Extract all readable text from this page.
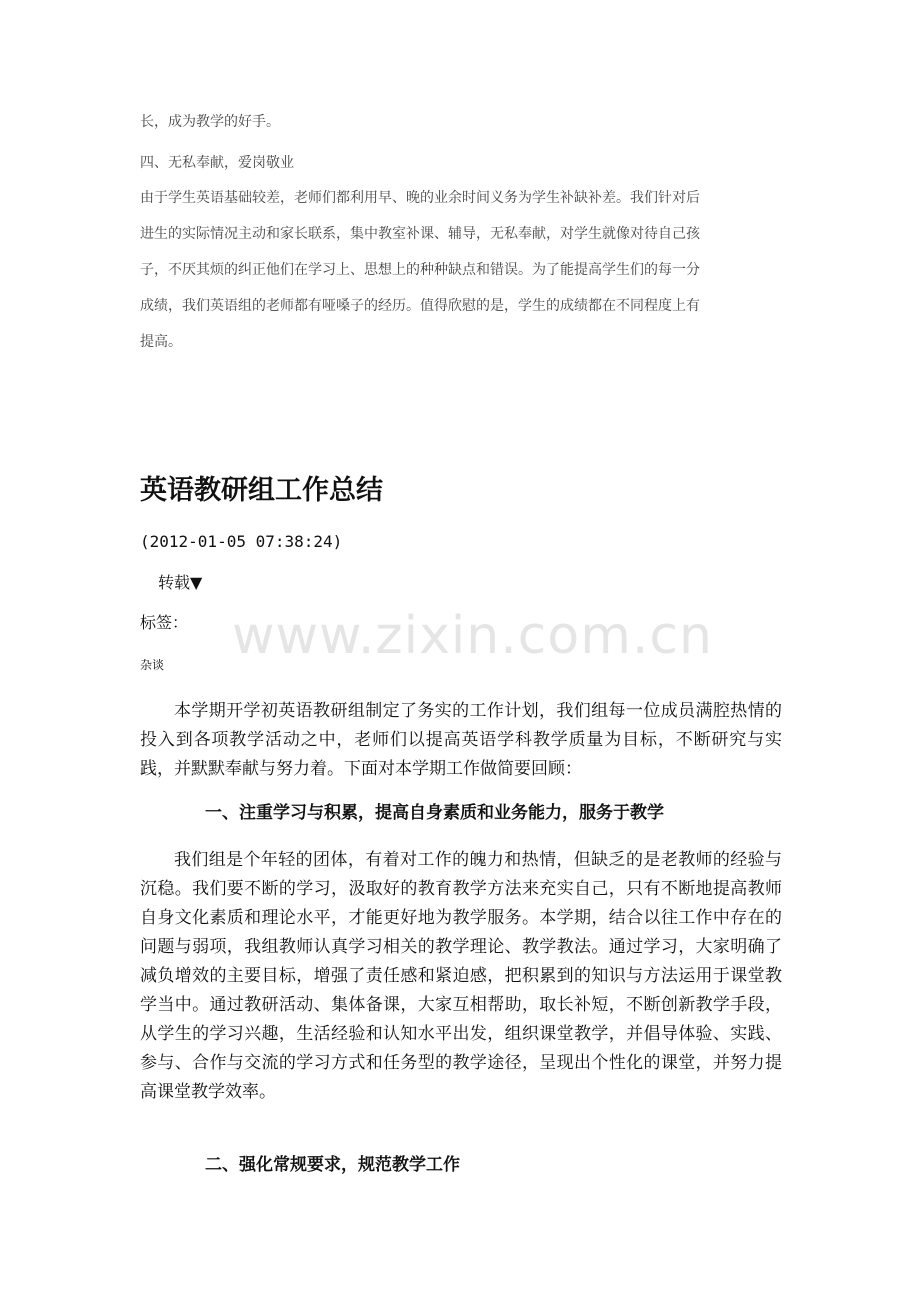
长，成为教学的好手。
四、无私奉献，爱岗敬业
由于学生英语基础较差，老师们都利用早、晚的业余时间义务为学生补缺补差。我们针对后
进生的实际情况主动和家长联系，集中教室补课、辅导，无私奉献，对学生就像对待自己孩
子，不厌其烦的纠正他们在学习上、思想上的种种缺点和错误。为了能提高学生们的每一分
成绩，我们英语组的老师都有哑嗓子的经历。值得欣慰的是，学生的成绩都在不同程度上有
提高。
英语教研组工作总结
(2012-01-05 07:38:24)
转载▼
标签：
杂谈

本学期开学初英语教研组制定了务实的工作计划，我们组每一位成员满腔热情的投入到各项教学活动之中，老师们以提高英语学科教学质量为目标，不断研究与实践，并默默奉献与努力着。下面对本学期工作做简要回顾：

一、注重学习与积累，提高自身素质和业务能力，服务于教学

我们组是个年轻的团体，有着对工作的魄力和热情，但缺乏的是老教师的经验与沉稳。我们要不断的学习，汲取好的教育教学方法来充实自己，只有不断地提高教师自身文化素质和理论水平，才能更好地为教学服务。本学期，结合以往工作中存在的问题与弱项，我组教师认真学习相关的教学理论、教学教法。通过学习，大家明确了减负增效的主要目标，增强了责任感和紧迫感，把积累到的知识与方法运用于课堂教学当中。通过教研活动、集体备课，大家互相帮助，取长补短，不断创新教学手段，从学生的学习兴趣，生活经验和认知水平出发，组织课堂教学，并倡导体验、实践、参与、合作与交流的学习方式和任务型的教学途径，呈现出个性化的课堂，并努力提高课堂教学效率。

二、强化常规要求，规范教学工作
www.zixin.com.cn
